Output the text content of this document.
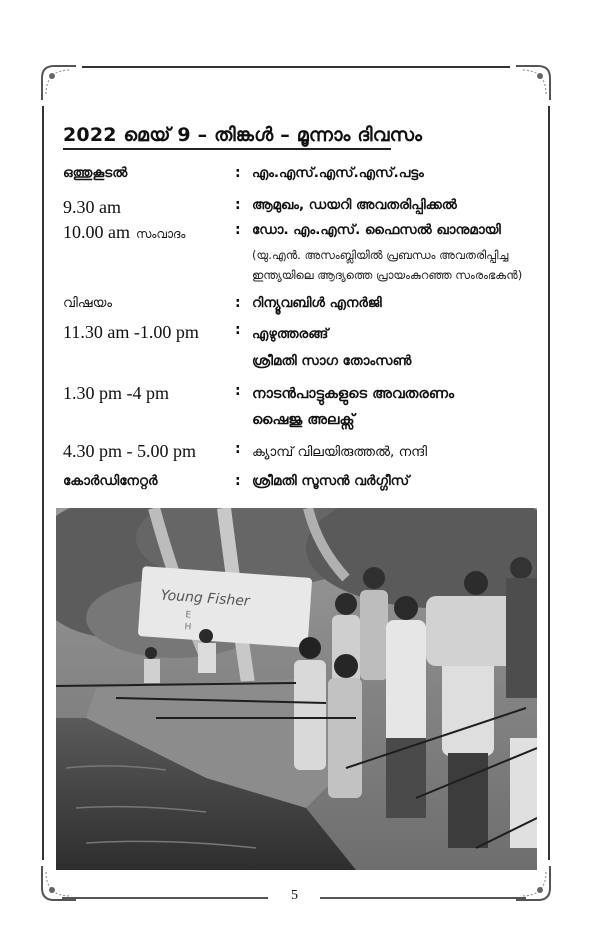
2022 മെയ് 9 – തിങ്കൾ – മൂന്നാം ദിവസം
ഒത്തുകൂടൽ	: എം.എസ്.എസ്.എസ്.പട്ടം
9.30 am	: ആമുഖം, ഡയറി അവതരിപ്പിക്കൽ
10.00 am സംവാദം	: ഡോ. എം.എസ്. ഫൈസൽ ഖാനുമായി
(യു.എൻ. അസംബ്ലിയിൽ പ്രബന്ധം അവതരിപ്പിച്ച
ഇന്ത്യയിലെ ആദ്യത്തെ പ്രായംകുറഞ്ഞ സംരംഭകൻ)
വിഷയം	: റിന്യൂവബിൾ എനർജി
11.30 am -1.00 pm	: എഴുത്തരങ്ങ്
ശ്രീമതി സാഗ തോംസൺ
1.30 pm -4 pm	: നാടൻപാട്ടുകളുടെ അവതരണം
ഷൈജു അലക്സ്
4.30 pm - 5.00 pm	: ക്യാമ്പ് വിലയിരുത്തൽ, നന്ദി
കോർഡിനേറ്റർ	: ശ്രീമതി സൂസൻ വർഗ്ഗീസ്
Young Fisher
E
H
5
